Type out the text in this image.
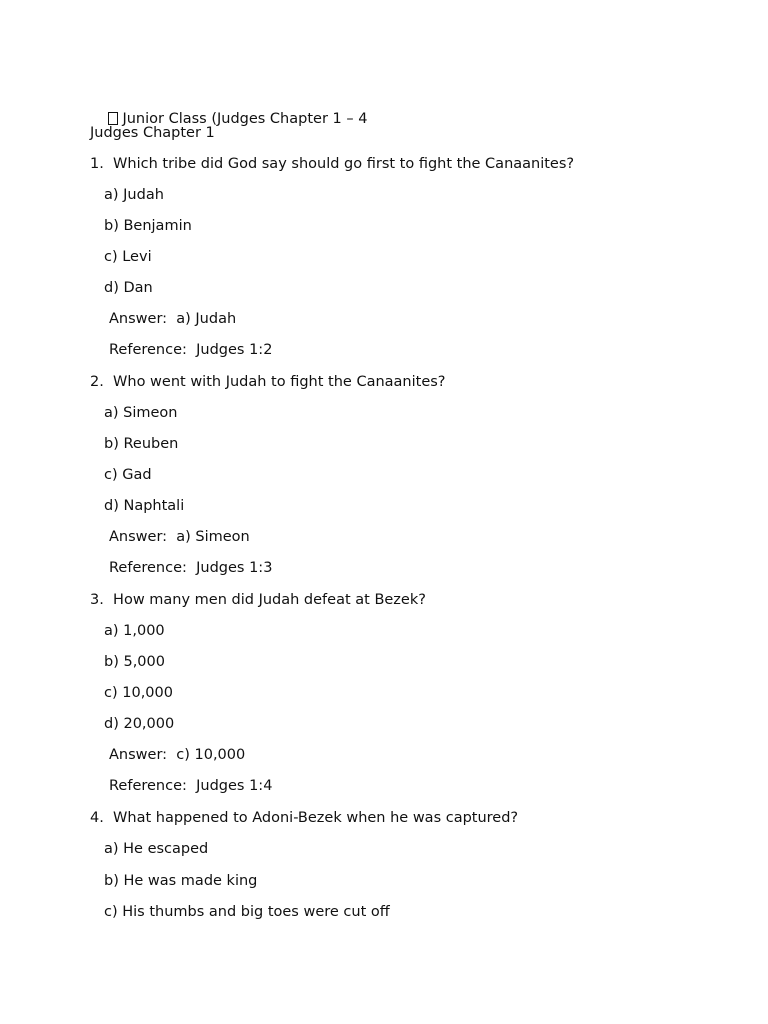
Junior Class (Judges Chapter 1 – 4

Judges Chapter 1
1.  Which tribe did God say should go first to fight the Canaanites?
a) Judah
b) Benjamin
c) Levi
d) Dan
Answer:  a) Judah
Reference:  Judges 1:2
2.  Who went with Judah to fight the Canaanites?
a) Simeon
b) Reuben
c) Gad
d) Naphtali
Answer:  a) Simeon
Reference:  Judges 1:3
3.  How many men did Judah defeat at Bezek?
a) 1,000
b) 5,000
c) 10,000
d) 20,000
Answer:  c) 10,000
Reference:  Judges 1:4
4.  What happened to Adoni-Bezek when he was captured?
a) He escaped
b) He was made king
c) His thumbs and big toes were cut off
